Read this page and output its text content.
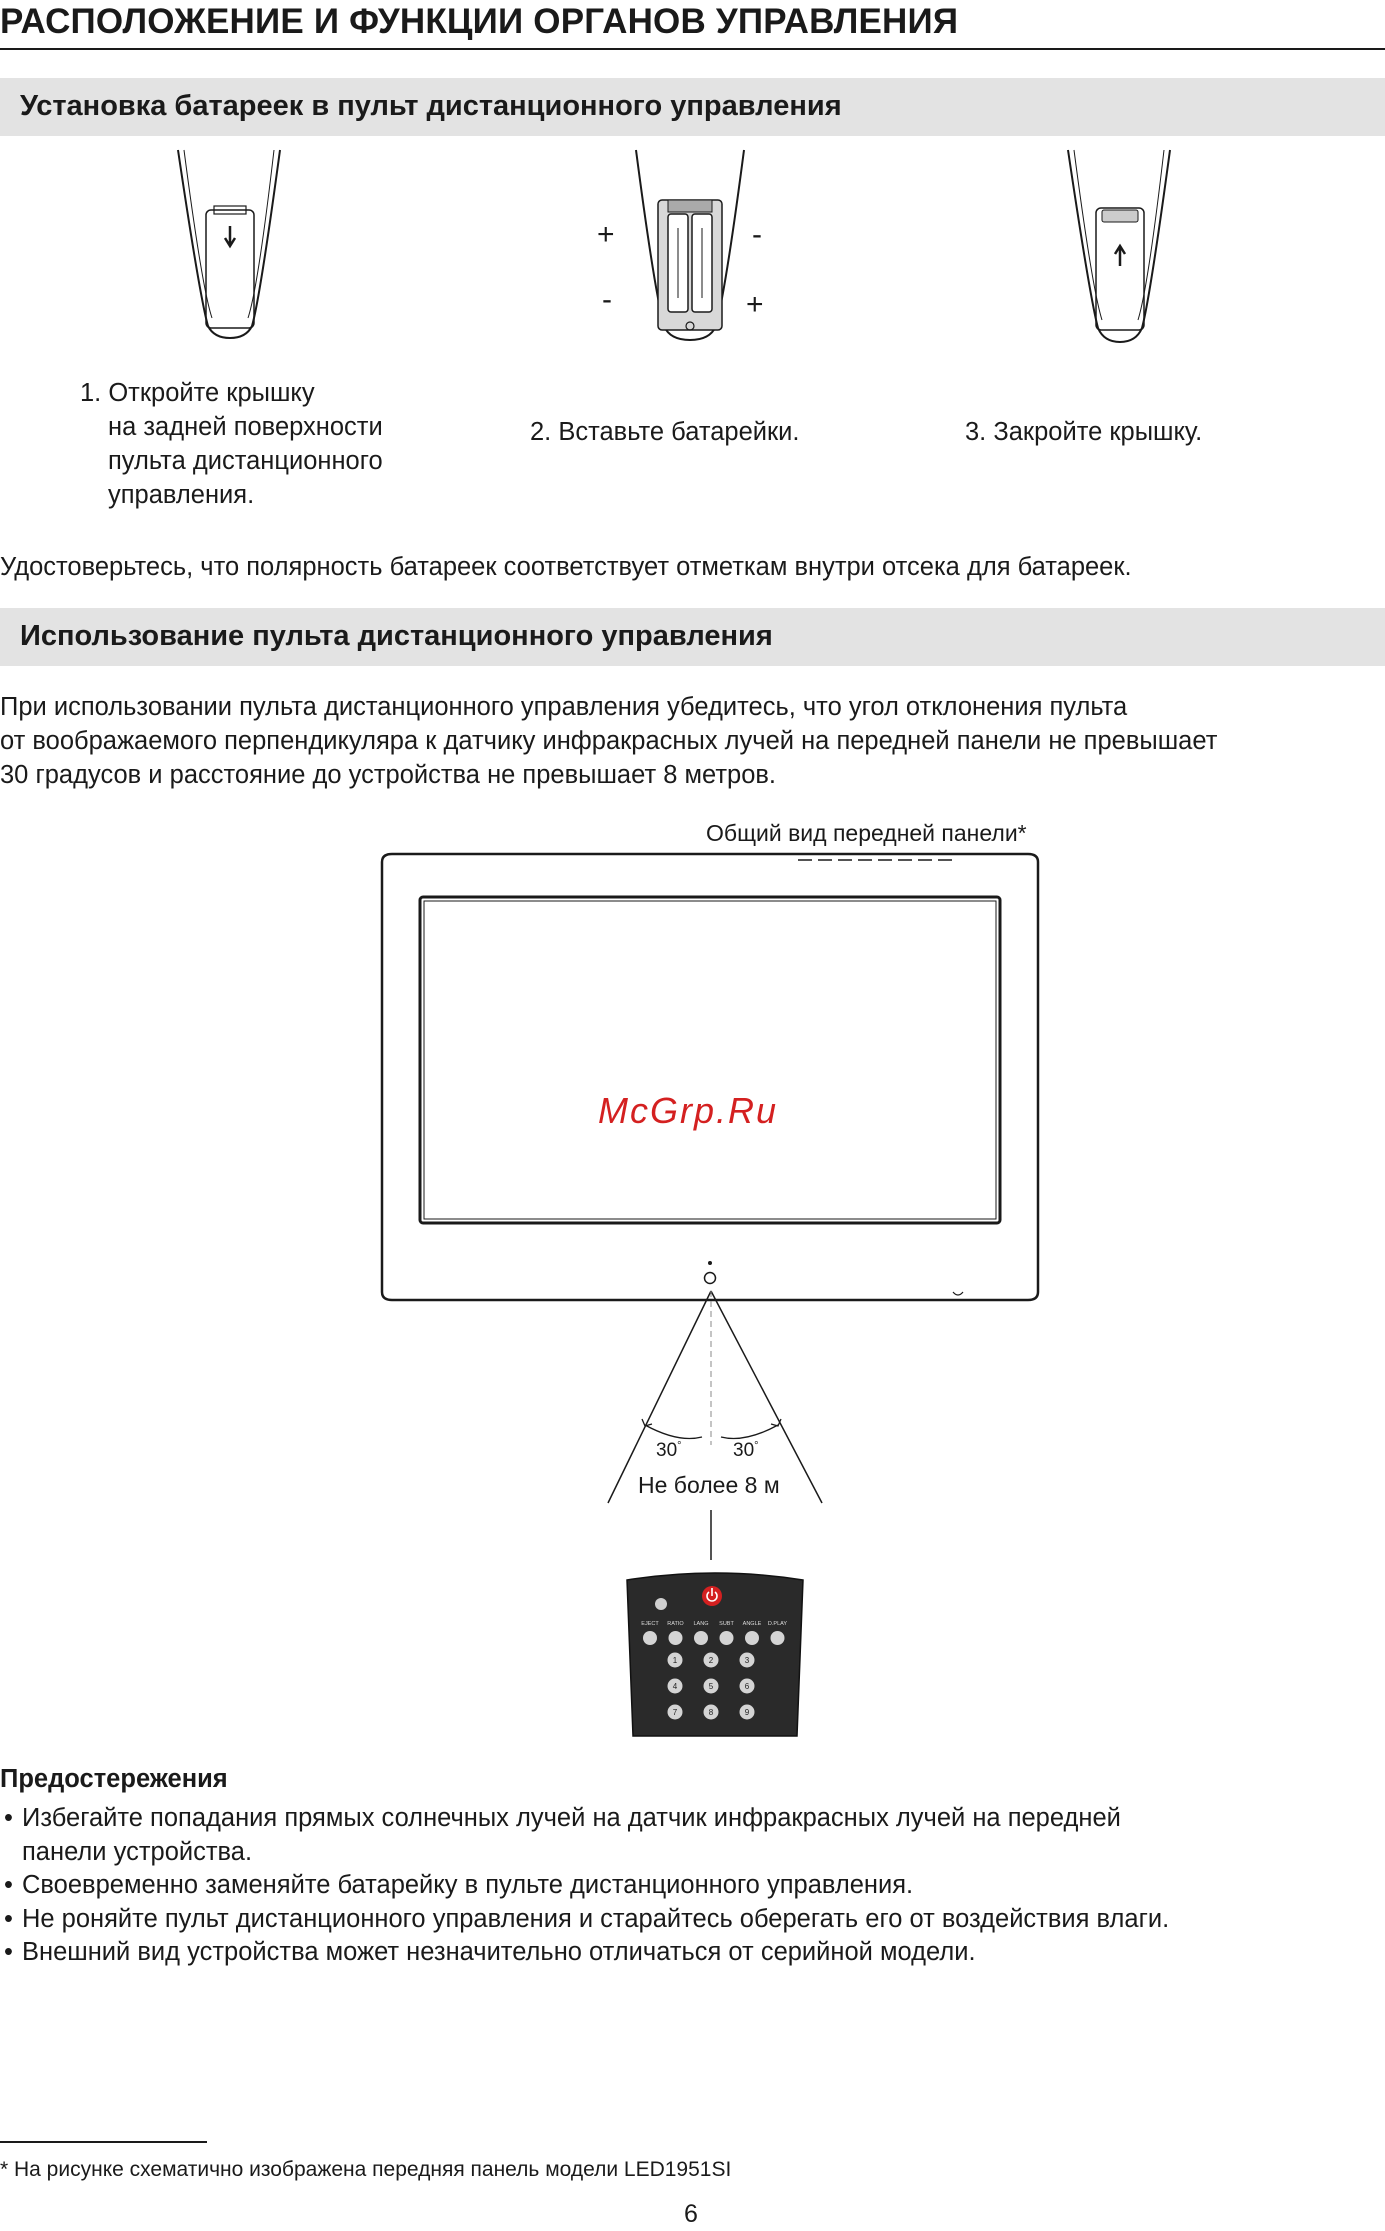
РАСПОЛОЖЕНИЕ И ФУНКЦИИ ОРГАНОВ УПРАВЛЕНИЯ
Установка батареек в пульт дистанционного управления
+
-
-
+
1. Откройте крышку
на задней поверхности
пульта дистанционного
управления.
2. Вставьте батарейки.	3. Закройте крышку.
Удостоверьтесь, что полярность батареек соответствует отметкам внутри отсека для батареек.
Использование пульта дистанционного управления
При использовании пульта дистанционного управления убедитесь, что угол отклонения пульта
от воображаемого перпендикуляра к датчику инфракрасных лучей на передней панели не превышает
30 градусов и расстояние до устройства не превышает 8 метров.
Общий вид передней панели*
McGrp.Ru
30°	30°
Не более 8 м
EJECT RATIO LANG SUBT ANGLE D.PLAY
1	2	3
4	5	6
7	8	9
Предостережения
• Избегайте попадания прямых солнечных лучей на датчик инфракрасных лучей на передней
панели устройства.
• Своевременно заменяйте батарейку в пульте дистанционного управления.
• Не роняйте пульт дистанционного управления и старайтесь оберегать его от воздействия влаги.
• Внешний вид устройства может незначительно отличаться от серийной модели.
* На рисунке схематично изображена передняя панель модели LED1951SI
6
